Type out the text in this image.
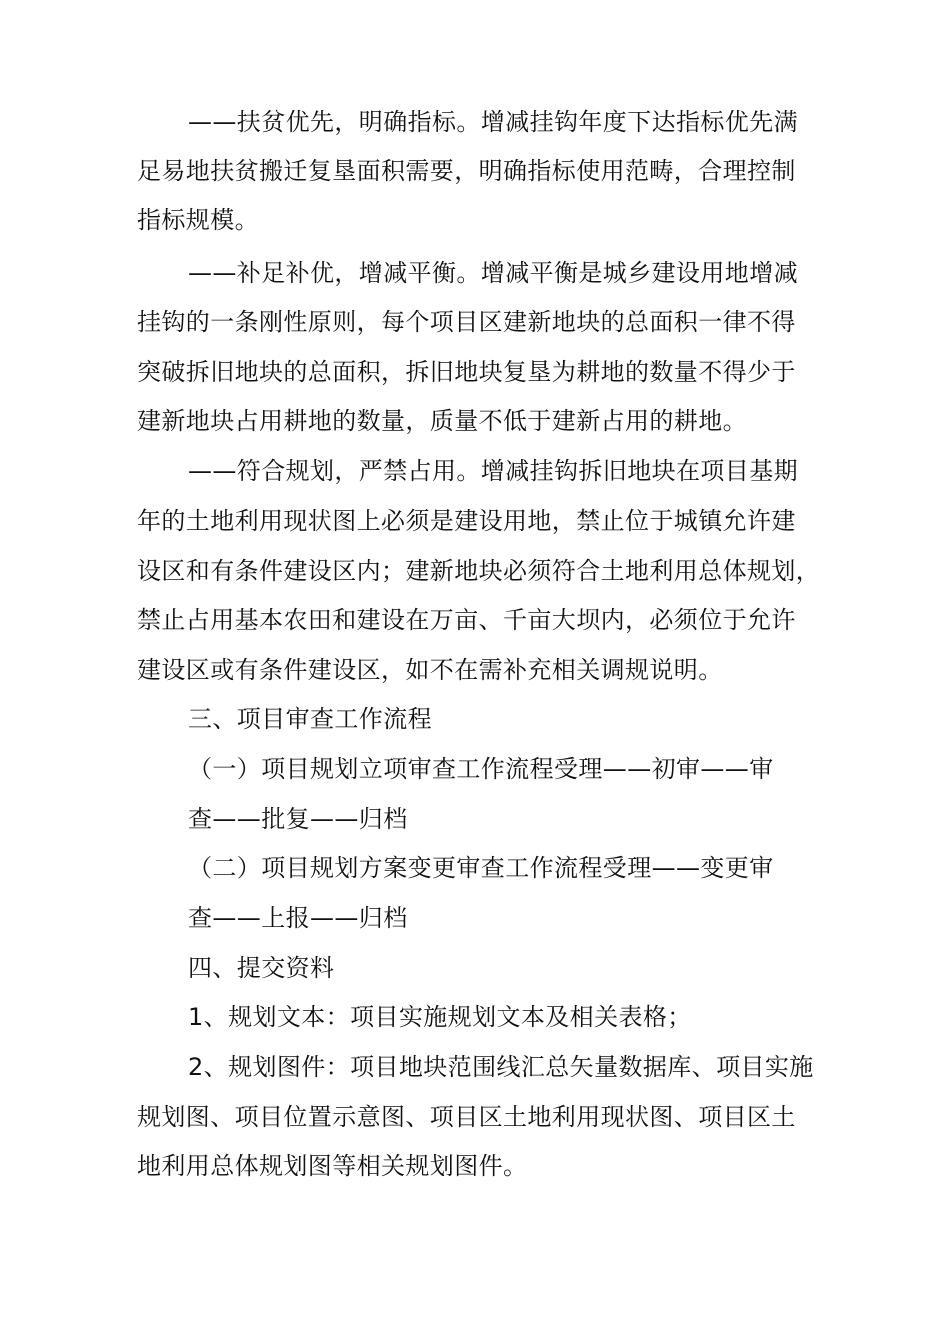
——扶贫优先，明确指标。增减挂钩年度下达指标优先满
足易地扶贫搬迁复垦面积需要，明确指标使用范畴，合理控制
指标规模。
——补足补优，增减平衡。增减平衡是城乡建设用地增减
挂钩的一条刚性原则，每个项目区建新地块的总面积一律不得
突破拆旧地块的总面积，拆旧地块复垦为耕地的数量不得少于
建新地块占用耕地的数量，质量不低于建新占用的耕地。
——符合规划，严禁占用。增减挂钩拆旧地块在项目基期
年的土地利用现状图上必须是建设用地，禁止位于城镇允许建
设区和有条件建设区内；建新地块必须符合土地利用总体规划，
禁止占用基本农田和建设在万亩、千亩大坝内，必须位于允许
建设区或有条件建设区，如不在需补充相关调规说明。
三、项目审查工作流程
（一）项目规划立项审查工作流程受理——初审——审
查——批复——归档
（二）项目规划方案变更审查工作流程受理——变更审
查——上报——归档
四、提交资料
1、规划文本：项目实施规划文本及相关表格；
2、规划图件：项目地块范围线汇总矢量数据库、项目实施
规划图、项目位置示意图、项目区土地利用现状图、项目区土
地利用总体规划图等相关规划图件。
